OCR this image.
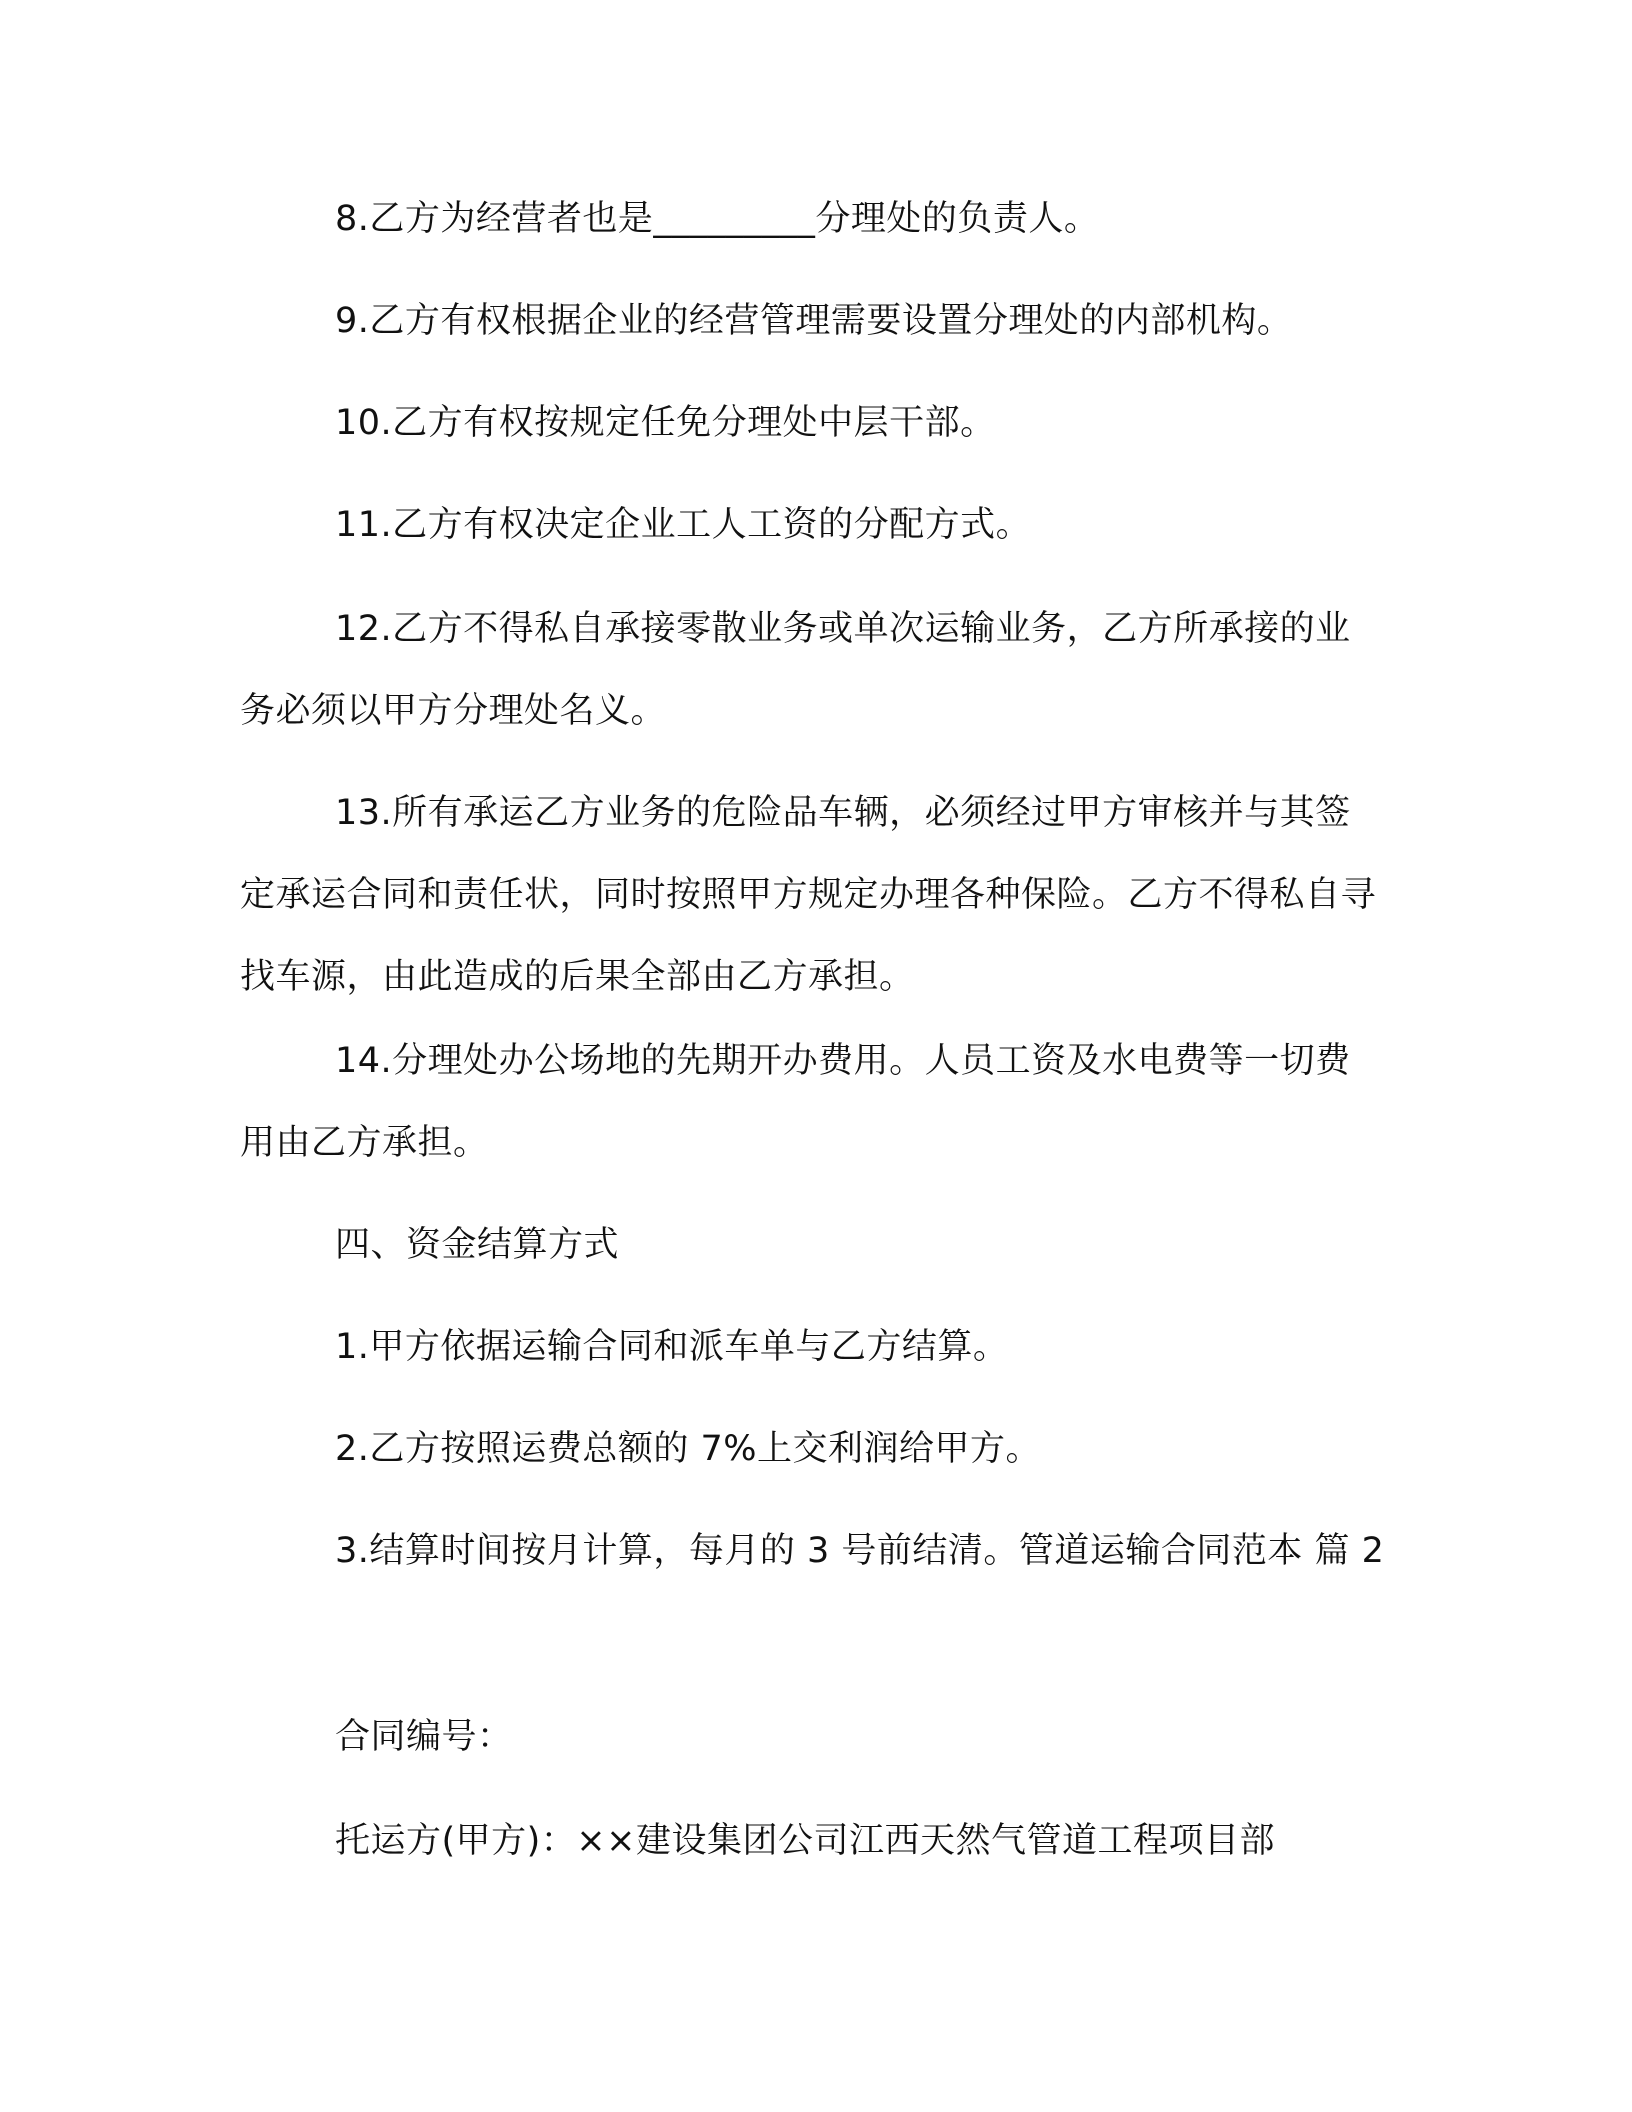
8.乙方为经营者也是_________分理处的负责人。

9.乙方有权根据企业的经营管理需要设置分理处的内部机构。

10.乙方有权按规定任免分理处中层干部。

11.乙方有权决定企业工人工资的分配方式。

12.乙方不得私自承接零散业务或单次运输业务，乙方所承接的业务必须以甲方分理处名义。

13.所有承运乙方业务的危险品车辆，必须经过甲方审核并与其签定承运合同和责任状，同时按照甲方规定办理各种保险。乙方不得私自寻找车源，由此造成的后果全部由乙方承担。

14.分理处办公场地的先期开办费用。人员工资及水电费等一切费用由乙方承担。

四、资金结算方式

1.甲方依据运输合同和派车单与乙方结算。

2.乙方按照运费总额的 7%上交利润给甲方。

3.结算时间按月计算，每月的 3 号前结清。管道运输合同范本 篇 2

合同编号：

托运方(甲方)：××建设集团公司江西天然气管道工程项目部
